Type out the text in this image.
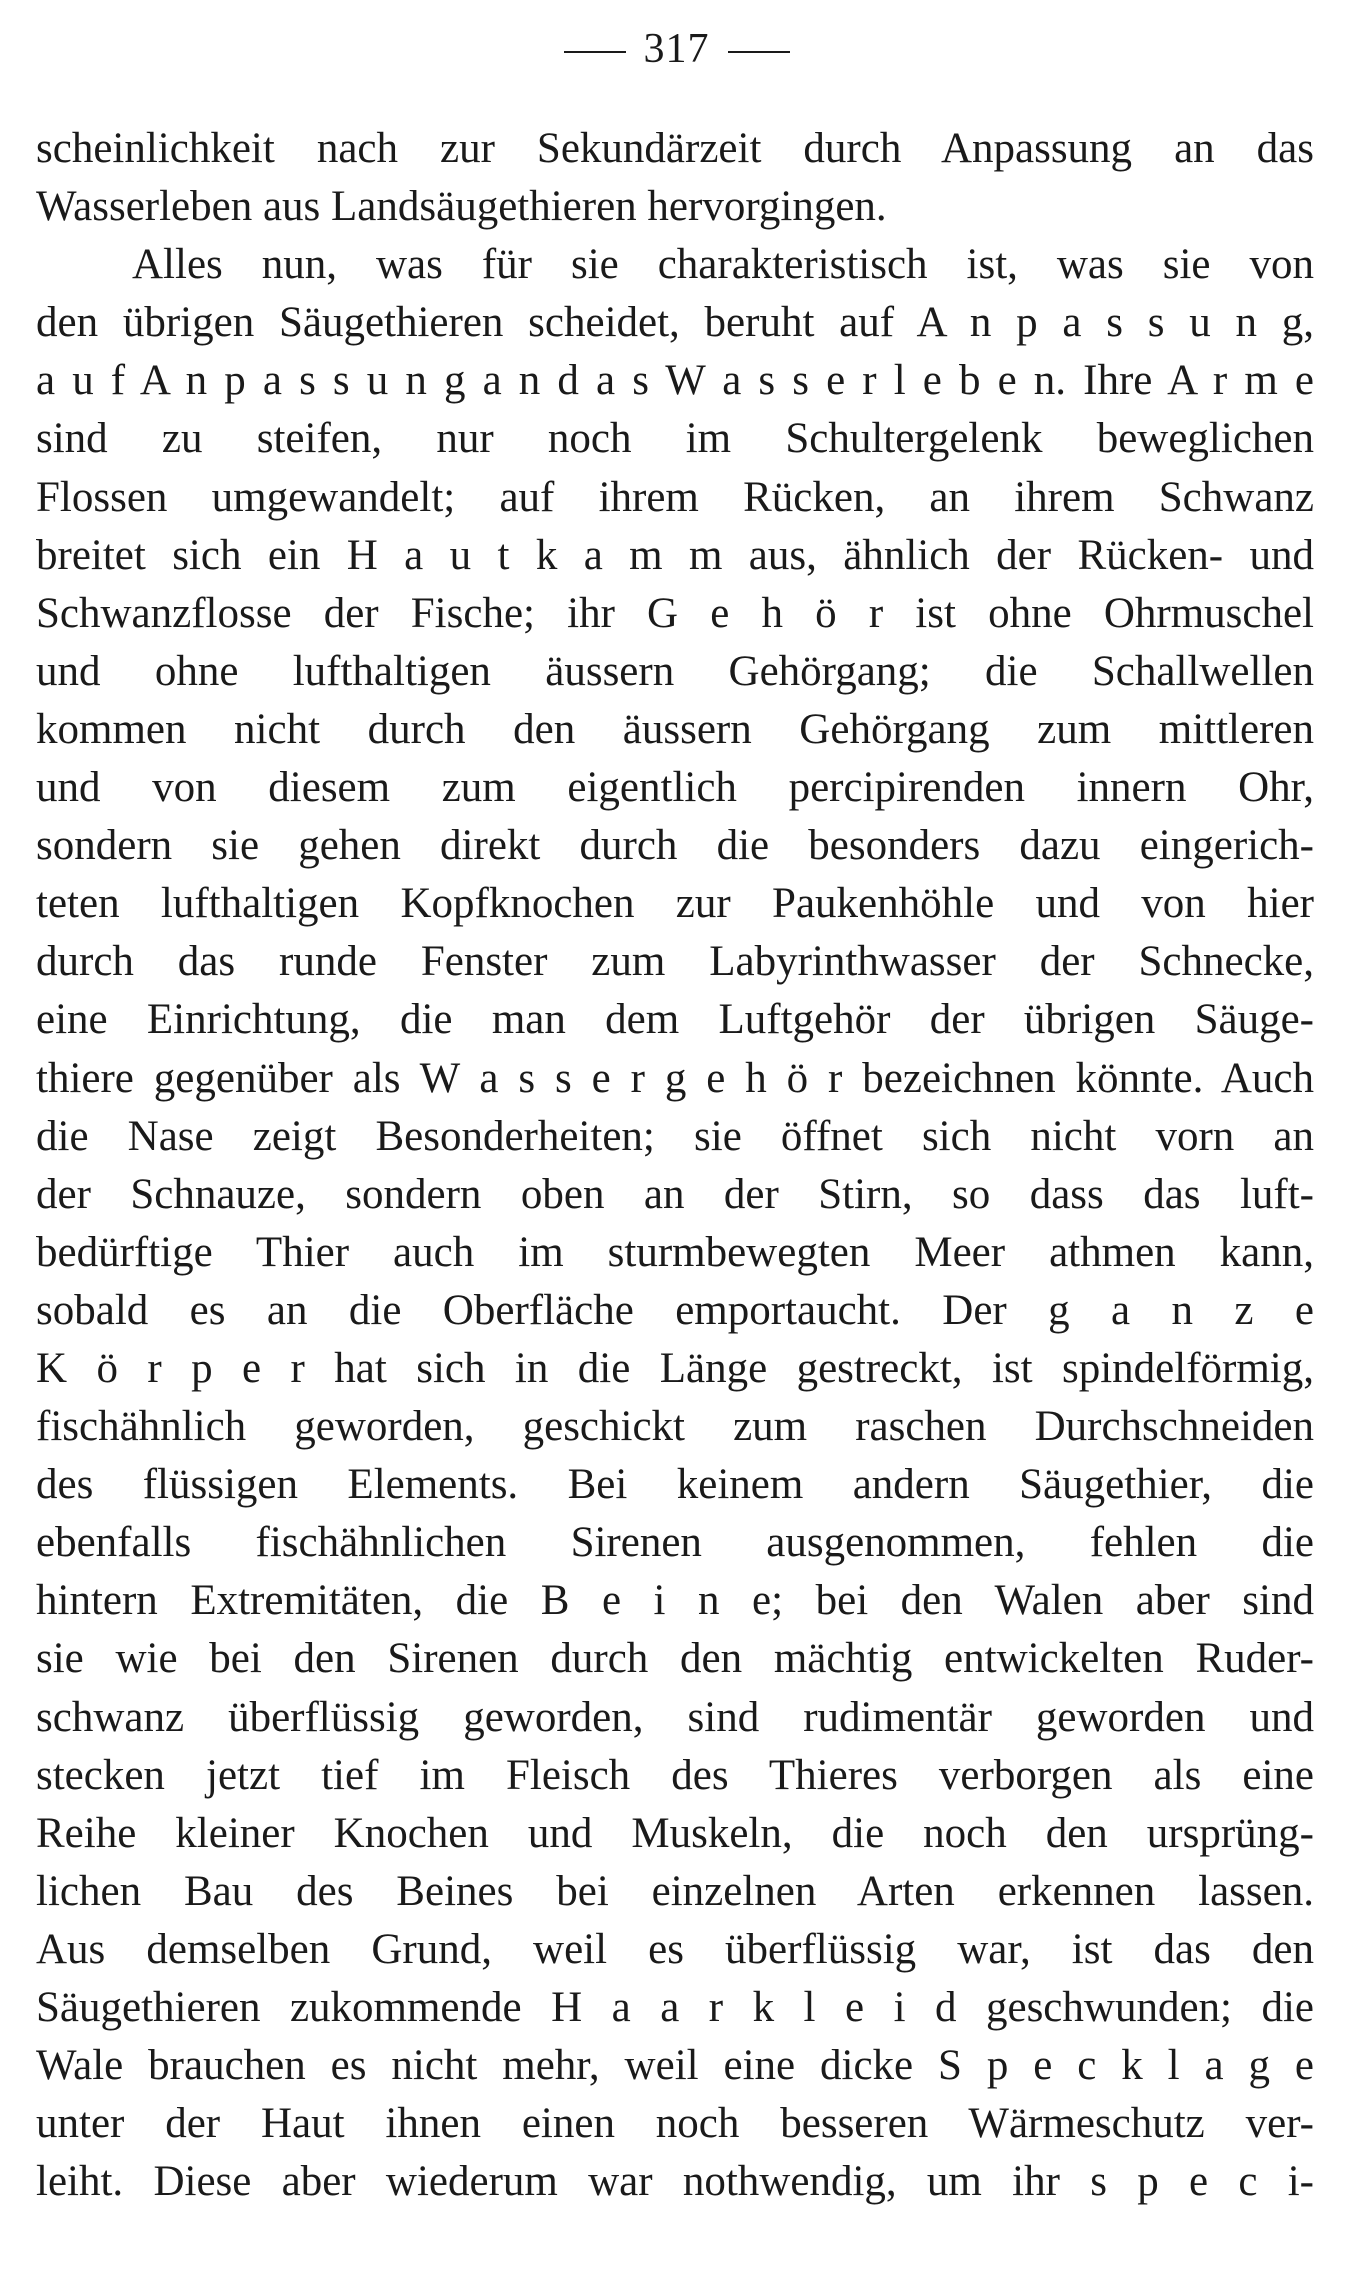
317
scheinlichkeit nach zur Sekundärzeit durch Anpassung an das
Wasserleben aus Landsäugethieren hervorgingen.
Alles nun, was für sie charakteristisch ist, was sie von
den übrigen Säugethieren scheidet, beruht auf A n p a s s u n g,
a u f A n p a s s u n g a n d a s W a s s e r l e b e n. Ihre A r m e
sind zu steifen, nur noch im Schultergelenk beweglichen
Flossen umgewandelt; auf ihrem Rücken, an ihrem Schwanz
breitet sich ein H a u t k a m m aus, ähnlich der Rücken- und
Schwanzflosse der Fische; ihr G e h ö r ist ohne Ohrmuschel
und ohne lufthaltigen äussern Gehörgang; die Schallwellen
kommen nicht durch den äussern Gehörgang zum mittleren
und von diesem zum eigentlich percipirenden innern Ohr,
sondern sie gehen direkt durch die besonders dazu eingerich-
teten lufthaltigen Kopfknochen zur Paukenhöhle und von hier
durch das runde Fenster zum Labyrinthwasser der Schnecke,
eine Einrichtung, die man dem Luftgehör der übrigen Säuge-
thiere gegenüber als W a s s e r g e h ö r bezeichnen könnte. Auch
die Nase zeigt Besonderheiten; sie öffnet sich nicht vorn an
der Schnauze, sondern oben an der Stirn, so dass das luft-
bedürftige Thier auch im sturmbewegten Meer athmen kann,
sobald es an die Oberfläche emportaucht. Der g a n z e
K ö r p e r hat sich in die Länge gestreckt, ist spindelförmig,
fischähnlich geworden, geschickt zum raschen Durchschneiden
des flüssigen Elements. Bei keinem andern Säugethier, die
ebenfalls fischähnlichen Sirenen ausgenommen, fehlen die
hintern Extremitäten, die B e i n e; bei den Walen aber sind
sie wie bei den Sirenen durch den mächtig entwickelten Ruder-
schwanz überflüssig geworden, sind rudimentär geworden und
stecken jetzt tief im Fleisch des Thieres verborgen als eine
Reihe kleiner Knochen und Muskeln, die noch den ursprüng-
lichen Bau des Beines bei einzelnen Arten erkennen lassen.
Aus demselben Grund, weil es überflüssig war, ist das den
Säugethieren zukommende H a a r k l e i d geschwunden; die
Wale brauchen es nicht mehr, weil eine dicke S p e c k l a g e
unter der Haut ihnen einen noch besseren Wärmeschutz ver-
leiht. Diese aber wiederum war nothwendig, um ihr s p e c i-
